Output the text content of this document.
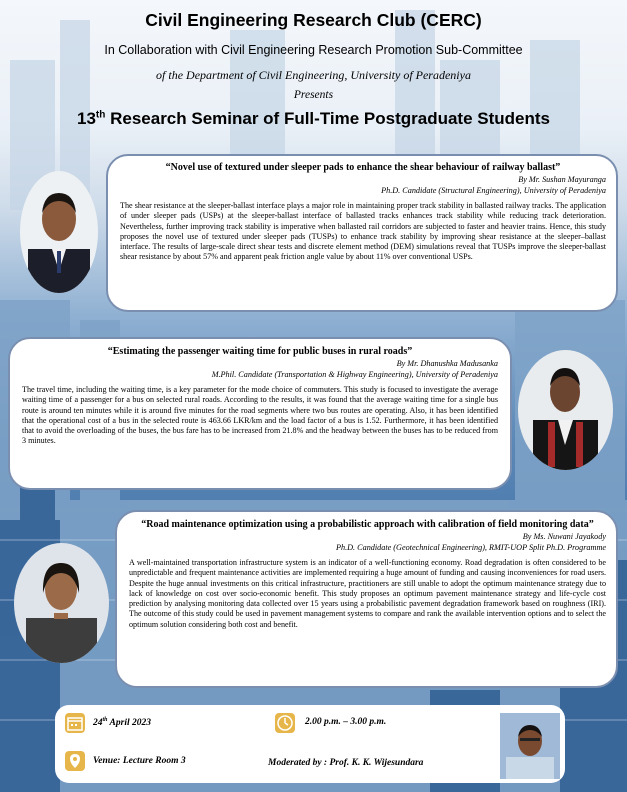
Civil Engineering Research Club (CERC)
In Collaboration with Civil Engineering Research Promotion Sub-Committee
of the Department of Civil Engineering, University of Peradeniya
Presents
13th Research Seminar of Full-Time Postgraduate Students
“Novel use of textured under sleeper pads to enhance the shear behaviour of railway ballast”
By Mr. Sushan Mayuranga
Ph.D. Candidate (Structural Engineering), University of Peradeniya
The shear resistance at the sleeper-ballast interface plays a major role in maintaining proper track stability in ballasted railway tracks. The application of under sleeper pads (USPs) at the sleeper-ballast interface of ballasted tracks enhances track stability while reducing track deterioration. Nevertheless, further improving track stability is imperative when ballasted rail corridors are subjected to faster and heavier trains. Hence, this study proposes the novel use of textured under sleeper pads (TUSPs) to enhance track stability by improving shear resistance at the sleeper–ballast interface. The results of large-scale direct shear tests and discrete element method (DEM) simulations reveal that TUSPs improve the sleeper-ballast shear resistance by about 57% and apparent peak friction angle value by about 11% over conventional USPs.
“Estimating the passenger waiting time for public buses in rural roads”
By Mr. Dhanushka Madusanka
M.Phil. Candidate (Transportation & Highway Engineering), University of Peradeniya
The travel time, including the waiting time, is a key parameter for the mode choice of commuters. This study is focused to investigate the average waiting time of a passenger for a bus on selected rural roads. According to the results, it was found that the average waiting time for a single bus route is around ten minutes while it is around five minutes for the road segments where two bus routes are operating. Also, it has been identified that the operational cost of a bus in the selected route is 463.66 LKR/km and the load factor of a bus is 1.52. Furthermore, it has been identified that to avoid the overloading of the buses, the bus fare has to be increased from 21.8% and the headway between the buses has to be reduced from 3 minutes.
“Road maintenance optimization using a probabilistic approach with calibration of field monitoring data”
By Ms. Nuwani Jayakody
Ph.D. Candidate (Geotechnical Engineering), RMIT-UOP Split Ph.D. Programme
A well-maintained transportation infrastructure system is an indicator of a well-functioning economy. Road degradation is often considered to be unpredictable and frequent maintenance activities are implemented requiring a huge amount of funding and causing inconveniences for road users. Despite the huge annual investments on this critical infrastructure, practitioners are still unable to adopt the optimum maintenance strategy due to lack of knowledge on cost over socio-economic benefit. This study proposes an optimum pavement maintenance strategy and life-cycle cost prediction by analysing monitoring data collected over 15 years using a probabilistic pavement degradation framework based on roughness (IRI). The outcome of this study could be used in pavement management systems to compare and rank the available intervention options and to select the optimum solution considering both cost and benefit.
24th April 2023	2.00 p.m. – 3.00 p.m.
Venue: Lecture Room 3	Moderated by : Prof. K. K. Wijesundara
